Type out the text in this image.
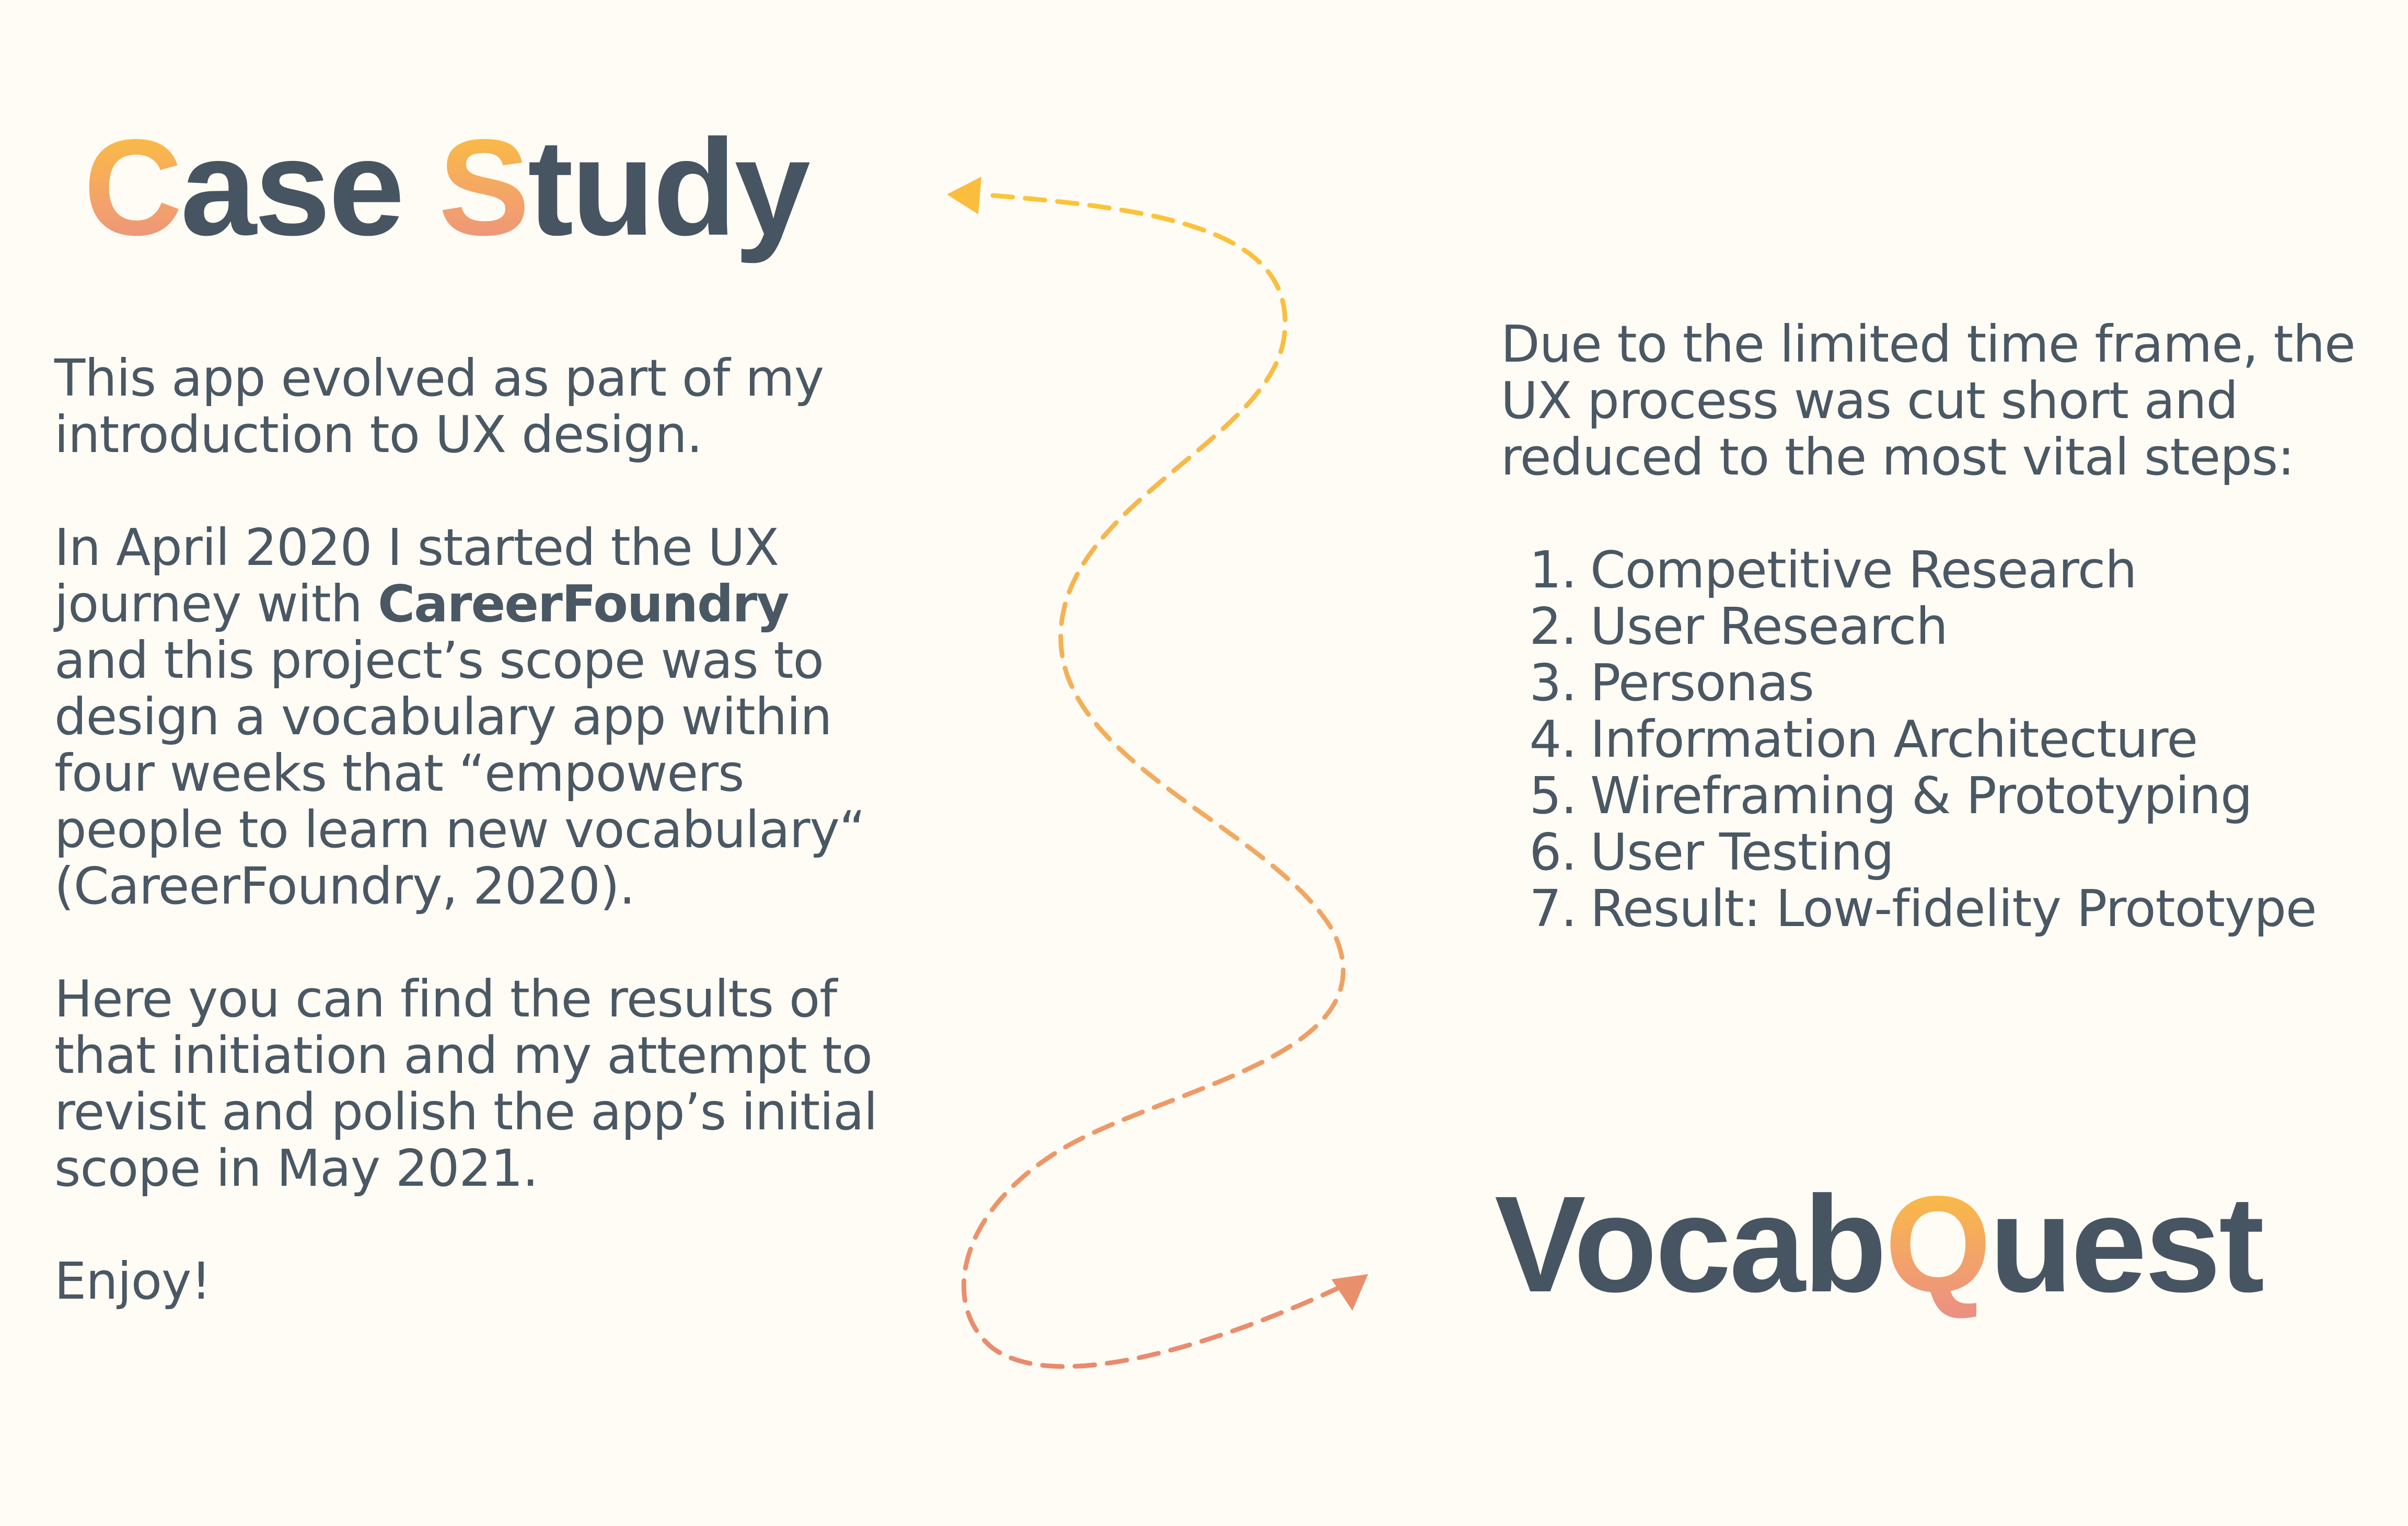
Case Study

This app evolved as part of my introduction to UX design.

In April 2020 I started the UX journey with CareerFoundry and this project’s scope was to design a vocabulary app within four weeks that “empowers people to learn new vocabulary“ (CareerFoundry, 2020).

Here you can find the results of that initiation and my attempt to revisit and polish the app’s initial scope in May 2021.

Enjoy!

Due to the limited time frame, the UX process was cut short and reduced to the most vital steps:

1. Competitive Research
2. User Research
3. Personas
4. Information Architecture
5. Wireframing & Prototyping
6. User Testing
7. Result: Low-fidelity Prototype
VocabQuest
